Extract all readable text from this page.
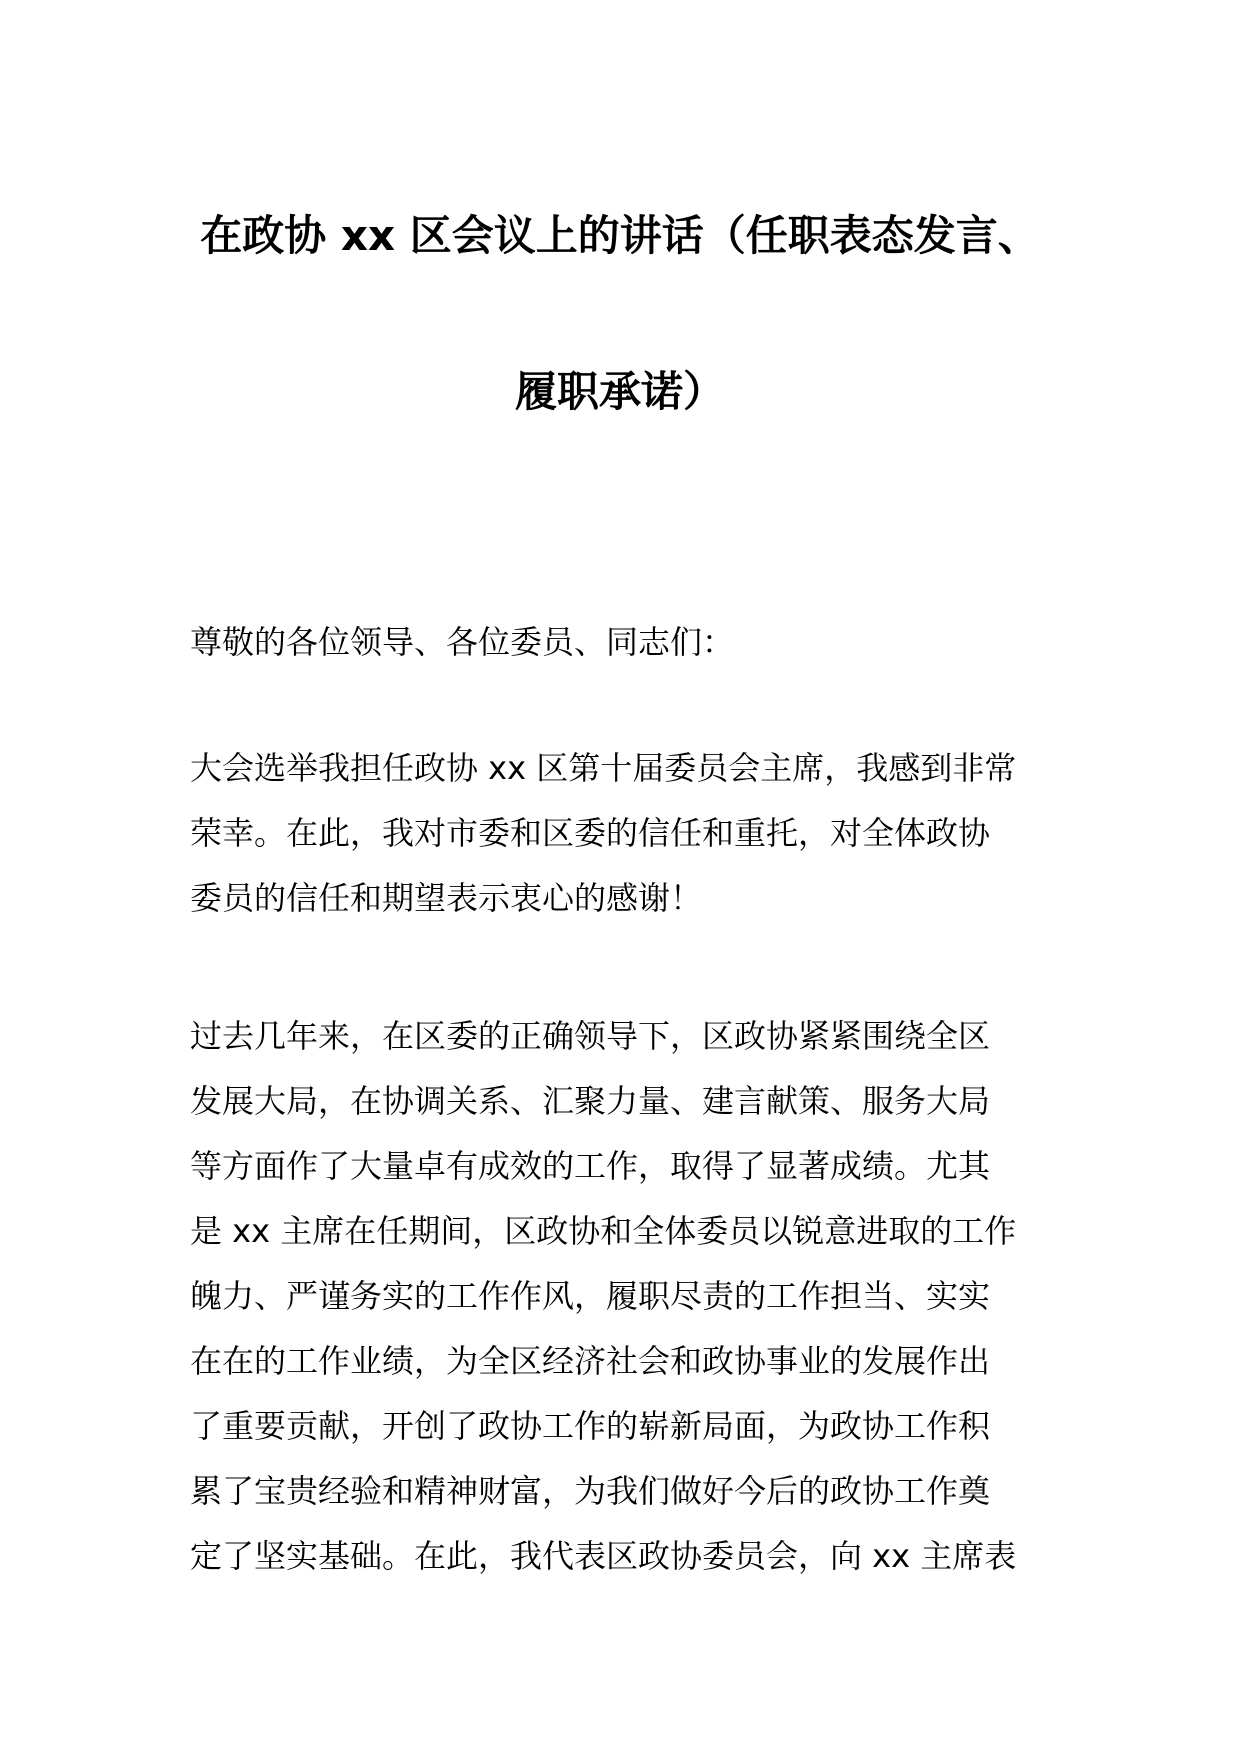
在政协 xx 区会议上的讲话（任职表态发言、
履职承诺）
尊敬的各位领导、各位委员、同志们：
大会选举我担任政协 xx 区第十届委员会主席，我感到非常
荣幸。在此，我对市委和区委的信任和重托，对全体政协
委员的信任和期望表示衷心的感谢！
过去几年来，在区委的正确领导下，区政协紧紧围绕全区
发展大局，在协调关系、汇聚力量、建言献策、服务大局
等方面作了大量卓有成效的工作，取得了显著成绩。尤其
是 xx 主席在任期间，区政协和全体委员以锐意进取的工作
魄力、严谨务实的工作作风，履职尽责的工作担当、实实
在在的工作业绩，为全区经济社会和政协事业的发展作出
了重要贡献，开创了政协工作的崭新局面，为政协工作积
累了宝贵经验和精神财富，为我们做好今后的政协工作奠
定了坚实基础。在此，我代表区政协委员会，向 xx 主席表
